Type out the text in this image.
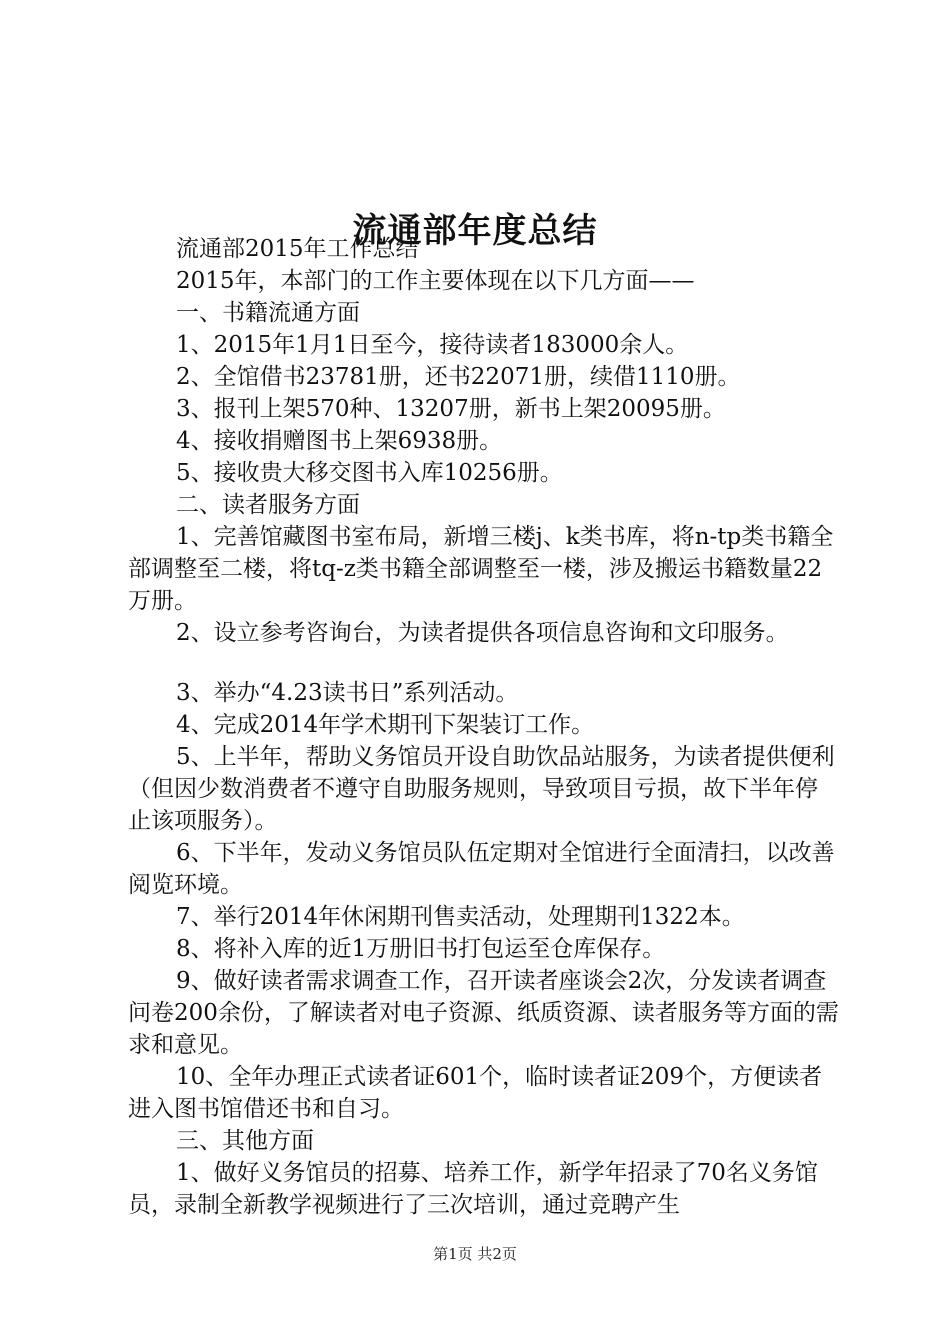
流通部年度总结

流通部2015年工作总结

2015年，本部门的工作主要体现在以下几方面——

一、书籍流通方面

1、2015年1月1日至今，接待读者183000余人。

2、全馆借书23781册，还书22071册，续借1110册。

3、报刊上架570种、13207册，新书上架20095册。

4、接收捐赠图书上架6938册。

5、接收贵大移交图书入库10256册。

二、读者服务方面

1、完善馆藏图书室布局，新增三楼j、k类书库，将n-tp类书籍全部调整至二楼，将tq-z类书籍全部调整至一楼，涉及搬运书籍数量22万册。

2、设立参考咨询台，为读者提供各项信息咨询和文印服务。

3、举办“4.23读书日”系列活动。

4、完成2014年学术期刊下架装订工作。

5、上半年，帮助义务馆员开设自助饮品站服务，为读者提供便利（但因少数消费者不遵守自助服务规则，导致项目亏损，故下半年停止该项服务）。

6、下半年，发动义务馆员队伍定期对全馆进行全面清扫，以改善阅览环境。

7、举行2014年休闲期刊售卖活动，处理期刊1322本。

8、将补入库的近1万册旧书打包运至仓库保存。

9、做好读者需求调查工作，召开读者座谈会2次，分发读者调查问卷200余份，了解读者对电子资源、纸质资源、读者服务等方面的需求和意见。

10、全年办理正式读者证601个，临时读者证209个，方便读者进入图书馆借还书和自习。

三、其他方面

1、做好义务馆员的招募、培养工作，新学年招录了70名义务馆员，录制全新教学视频进行了三次培训，通过竞聘产生

第1页 共2页
